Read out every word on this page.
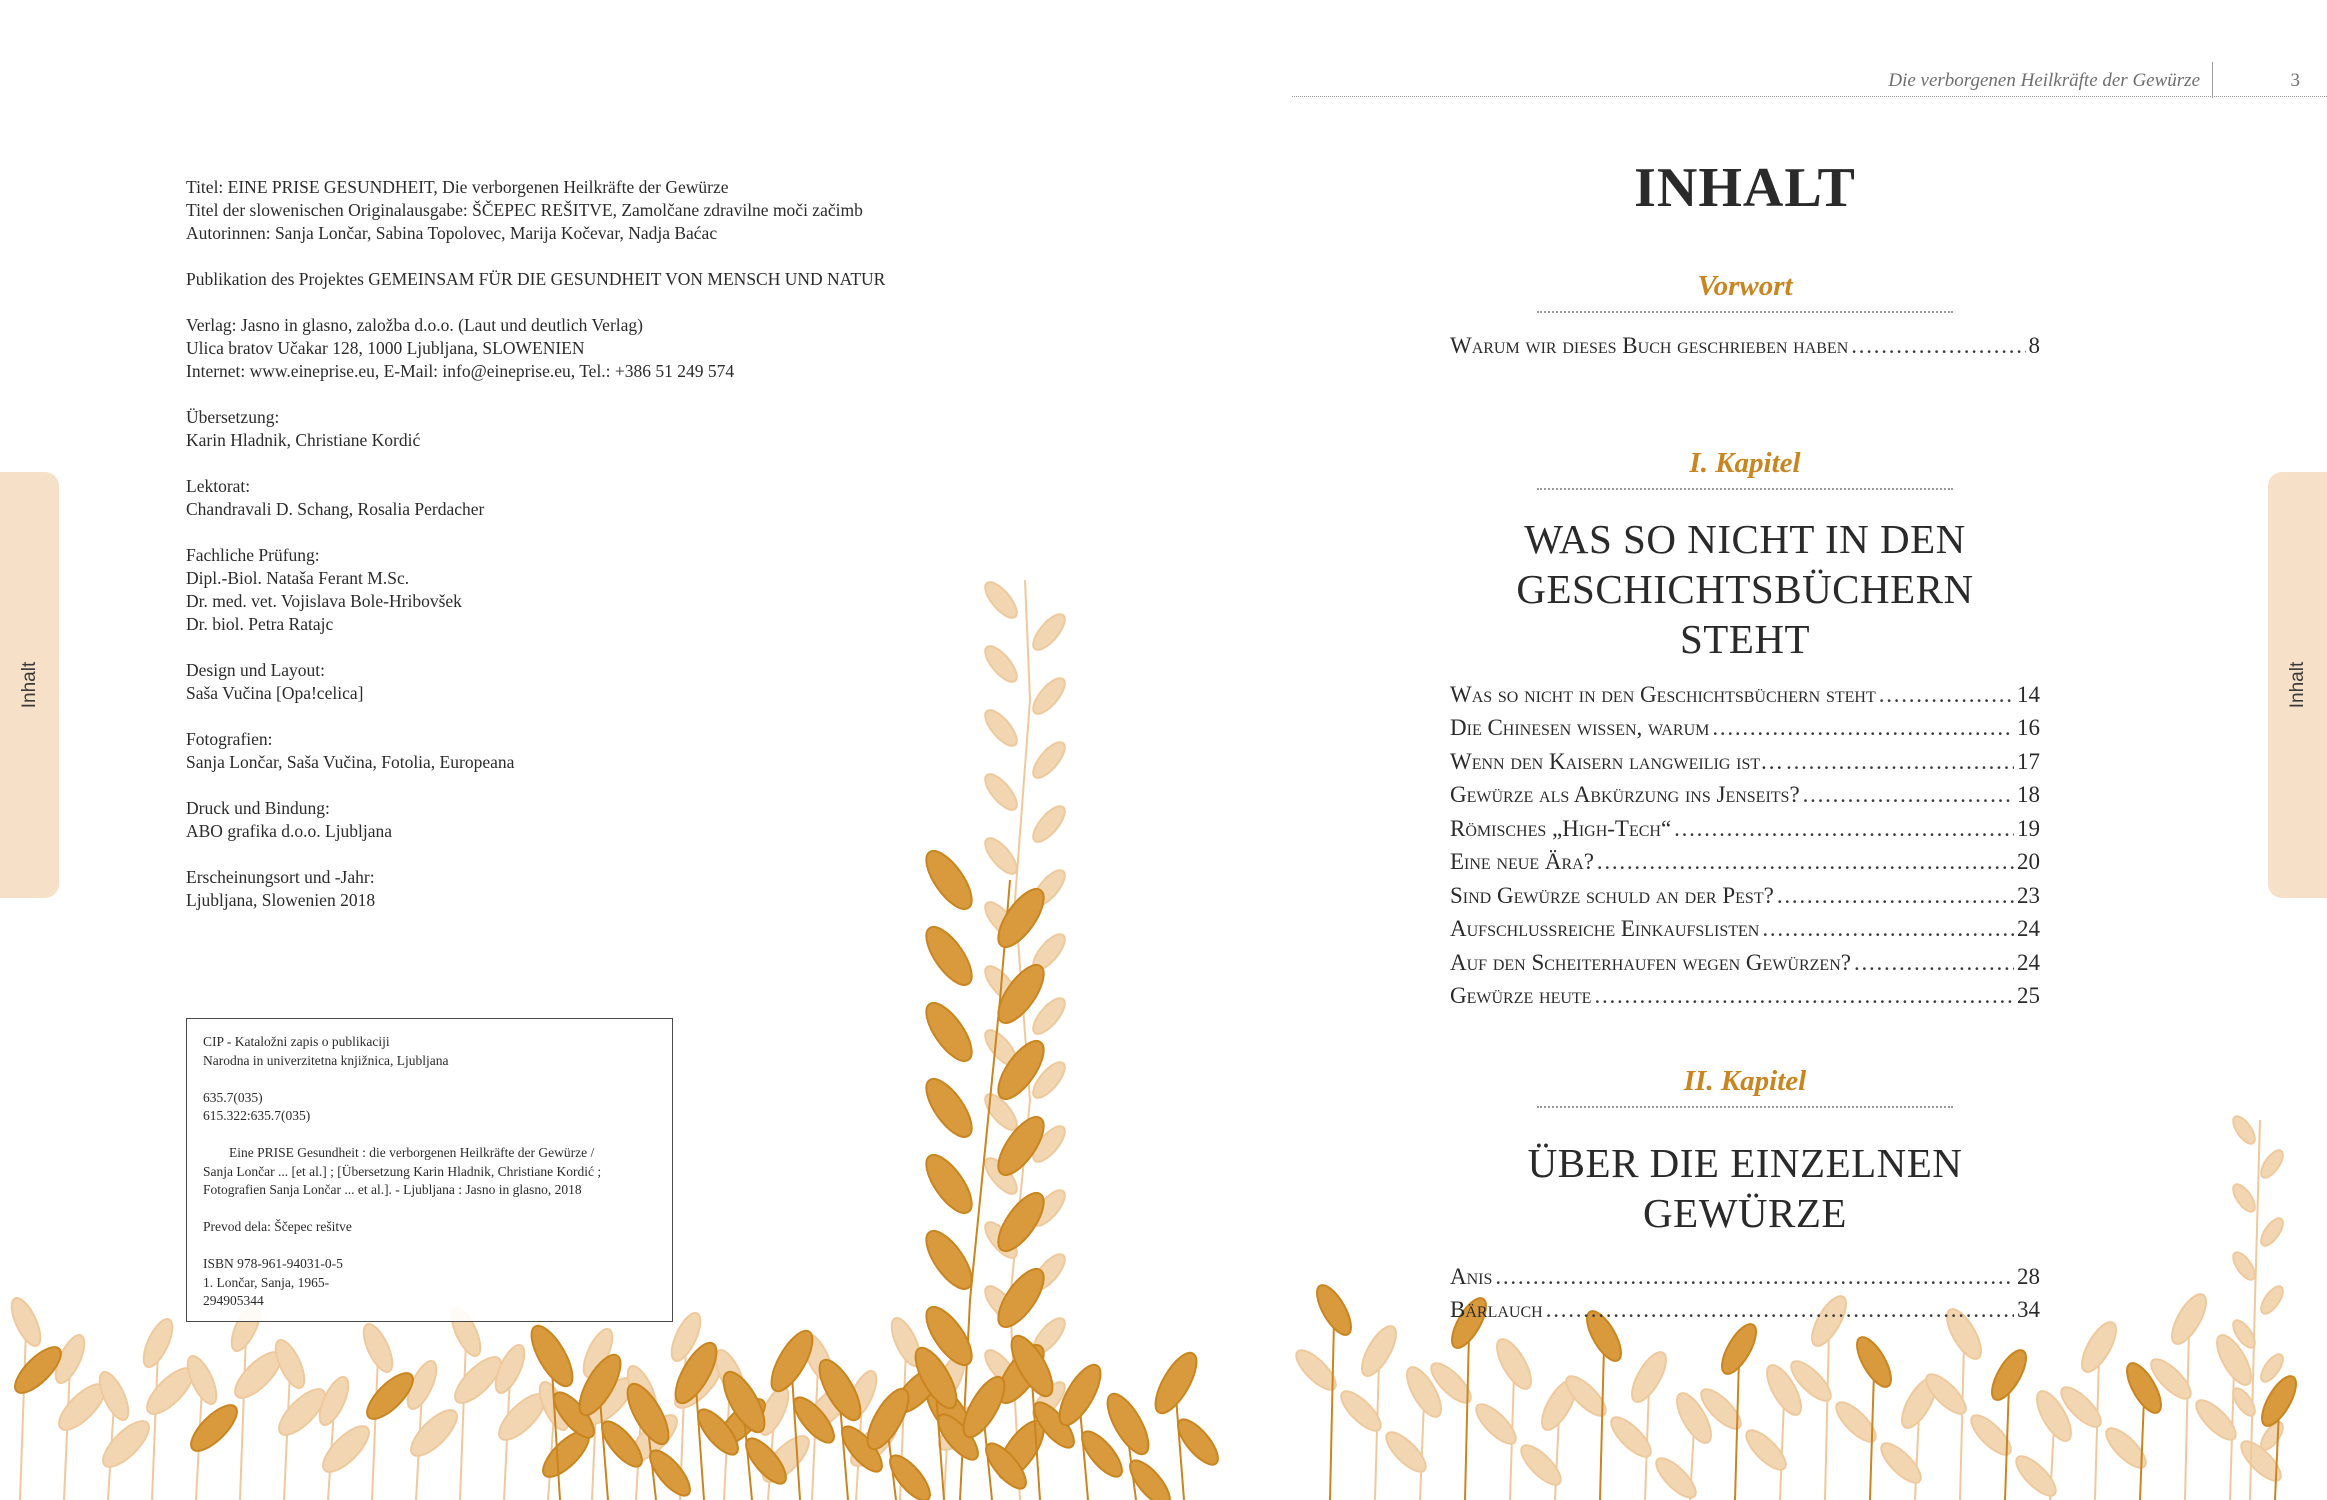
Inhalt	Inhalt
Die verborgenen Heilkräfte der Gewürze	3
Titel: EINE PRISE GESUNDHEIT, Die verborgenen Heilkräfte der Gewürze
Titel der slowenischen Originalausgabe: ŠČEPEC REŠITVE, Zamolčane zdravilne moči začimb
Autorinnen: Sanja Lončar, Sabina Topolovec, Marija Kočevar, Nadja Baćac
Publikation des Projektes GEMEINSAM FÜR DIE GESUNDHEIT VON MENSCH UND NATUR
Verlag: Jasno in glasno, založba d.o.o. (Laut und deutlich Verlag)
Ulica bratov Učakar 128, 1000 Ljubljana, SLOWENIEN
Internet: www.eineprise.eu, E-Mail: info@eineprise.eu, Tel.: +386 51 249 574
Übersetzung:
Karin Hladnik, Christiane Kordić
Lektorat:
Chandravali D. Schang, Rosalia Perdacher
Fachliche Prüfung:
Dipl.-Biol. Nataša Ferant M.Sc.
Dr. med. vet. Vojislava Bole-Hribovšek
Dr. biol. Petra Ratajc
Design und Layout:
Saša Vučina [Opa!celica]
Fotografien:
Sanja Lončar, Saša Vučina, Fotolia, Europeana
Druck und Bindung:
ABO grafika d.o.o. Ljubljana
Erscheinungsort und -Jahr:
Ljubljana, Slowenien 2018
CIP - Kataložni zapis o publikaciji
Narodna in univerzitetna knjižnica, Ljubljana
635.7(035)
615.322:635.7(035)
Eine PRISE Gesundheit : die verborgenen Heilkräfte der Gewürze /
Sanja Lončar ... [et al.] ; [Übersetzung Karin Hladnik, Christiane Kordić ;
Fotografien Sanja Lončar ... et al.]. - Ljubljana : Jasno in glasno, 2018
Prevod dela: Ščepec rešitve
ISBN 978-961-94031-0-5
1. Lončar, Sanja, 1965-
294905344
INHALT
Vorwort
Warum wir dieses Buch geschrieben haben . . .	8
I. Kapitel
WAS SO NICHT IN DEN
GESCHICHTSBÜCHERN STEHT
Was so nicht in den Geschichtsbüchern steht . . .	14
Die Chinesen wissen, warum . . .	16
Wenn den Kaisern langweilig ist… . . .	17
Gewürze als Abkürzung ins Jenseits? . . .	18
Römisches „High-Tech“ . . .	19
Eine neue Ära? . . .	20
Sind Gewürze schuld an der Pest? . . .	23
Aufschlussreiche Einkaufslisten . . .	24
Auf den Scheiterhaufen wegen Gewürzen? . . .	24
Gewürze heute . . .	25
II. Kapitel
ÜBER DIE EINZELNEN
GEWÜRZE
Anis . . .	28
Bärlauch . . .	34
